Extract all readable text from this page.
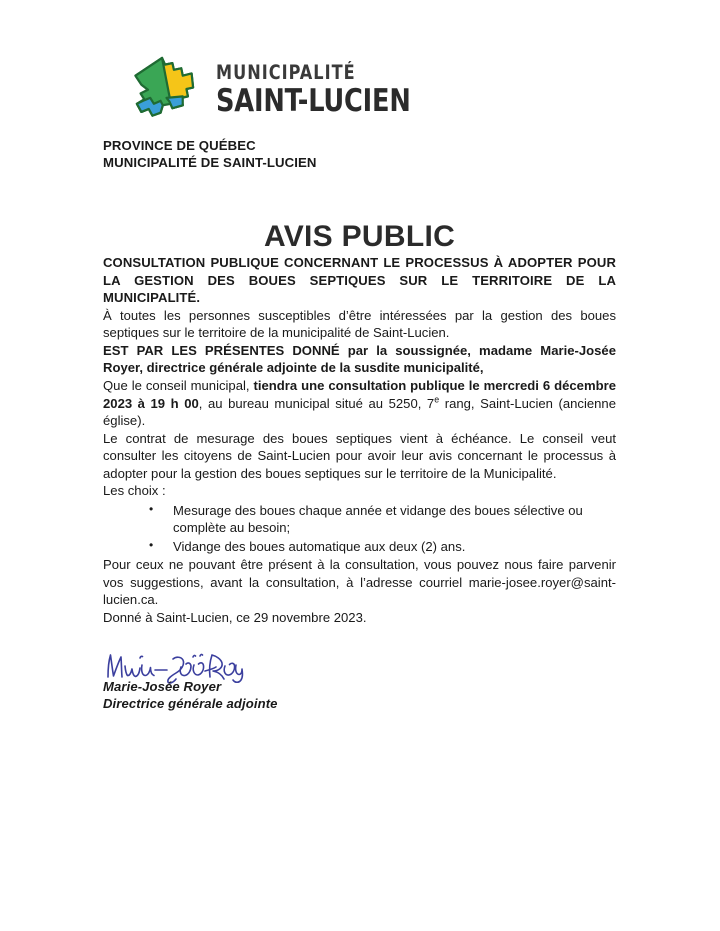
MUNICIPALITÉ
SAINT-LUCIEN
PROVINCE DE QUÉBEC
MUNICIPALITÉ DE SAINT-LUCIEN
AVIS PUBLIC

CONSULTATION PUBLIQUE CONCERNANT LE PROCESSUS À ADOPTER POUR LA GESTION DES BOUES SEPTIQUES SUR LE TERRITOIRE DE LA MUNICIPALITÉ.

À toutes les personnes susceptibles d’être intéressées par la gestion des boues septiques sur le territoire de la municipalité de Saint-Lucien.

EST PAR LES PRÉSENTES DONNÉ par la soussignée, madame Marie-Josée Royer, directrice générale adjointe de la susdite municipalité,

Que le conseil municipal, tiendra une consultation publique le mercredi 6 décembre 2023 à 19 h 00, au bureau municipal situé au 5250, 7e rang, Saint-Lucien (ancienne église).

Le contrat de mesurage des boues septiques vient à échéance. Le conseil veut consulter les citoyens de Saint-Lucien pour avoir leur avis concernant le processus à adopter pour la gestion des boues septiques sur le territoire de la Municipalité.

Les choix :

• Mesurage des boues chaque année et vidange des boues sélective ou complète au besoin;
• Vidange des boues automatique aux deux (2) ans.

Pour ceux ne pouvant être présent à la consultation, vous pouvez nous faire parvenir vos suggestions, avant la consultation, à l’adresse courriel marie-josee.royer@saint-lucien.ca.

Donné à Saint-Lucien, ce 29 novembre 2023.

Marie-Josée Royer
Directrice générale adjointe
